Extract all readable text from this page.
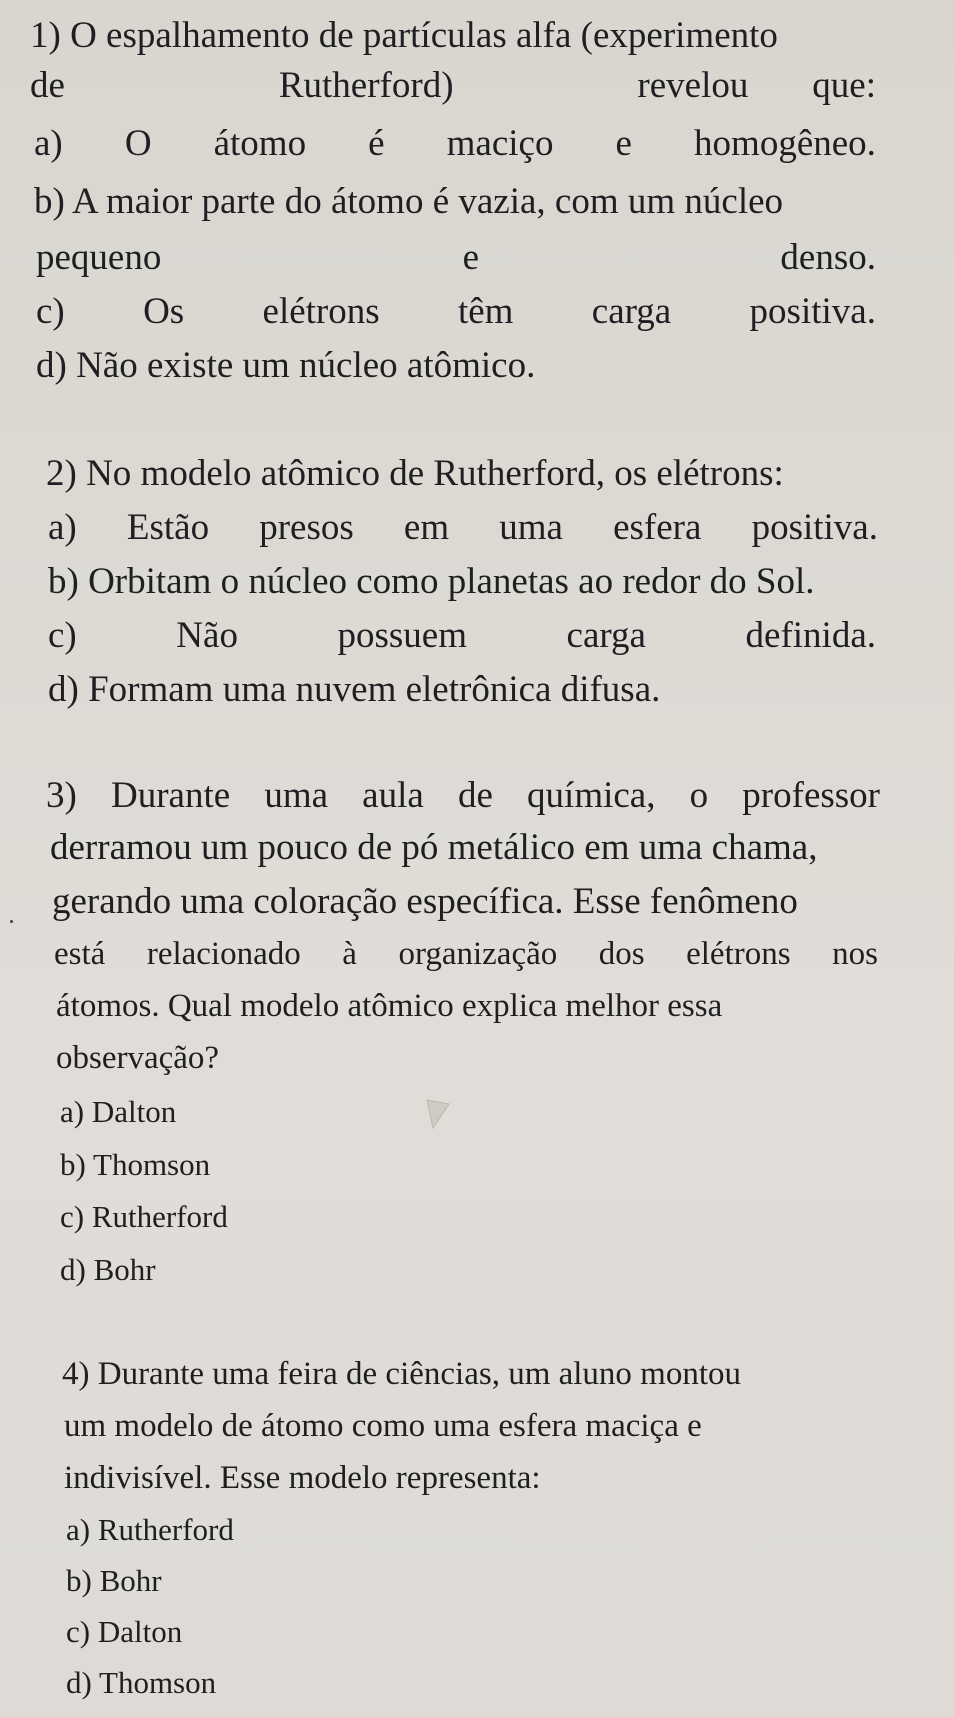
1) O espalhamento de partículas alfa (experimento
de	Rutherford)	revelou que:
a) O átomo é maciço e homogêneo.
b) A maior parte do átomo é vazia, com um núcleo
pequeno	e	denso.
c) Os elétrons têm carga positiva.
d) Não existe um núcleo atômico.
2) No modelo atômico de Rutherford, os elétrons:
a) Estão presos em uma esfera positiva.
b) Orbitam o núcleo como planetas ao redor do Sol.
c)	Não	possuem	carga	definida.
d) Formam uma nuvem eletrônica difusa.
3) Durante uma aula de química, o professor
derramou um pouco de pó metálico em uma chama,
gerando uma coloração específica. Esse fenômeno
está relacionado à organização dos elétrons nos
átomos. Qual modelo atômico explica melhor essa
observação?
a) Dalton
b) Thomson
c) Rutherford
d) Bohr
4) Durante uma feira de ciências, um aluno montou
um modelo de átomo como uma esfera maciça e
indivisível. Esse modelo representa:
a) Rutherford
b) Bohr
c) Dalton
d) Thomson
